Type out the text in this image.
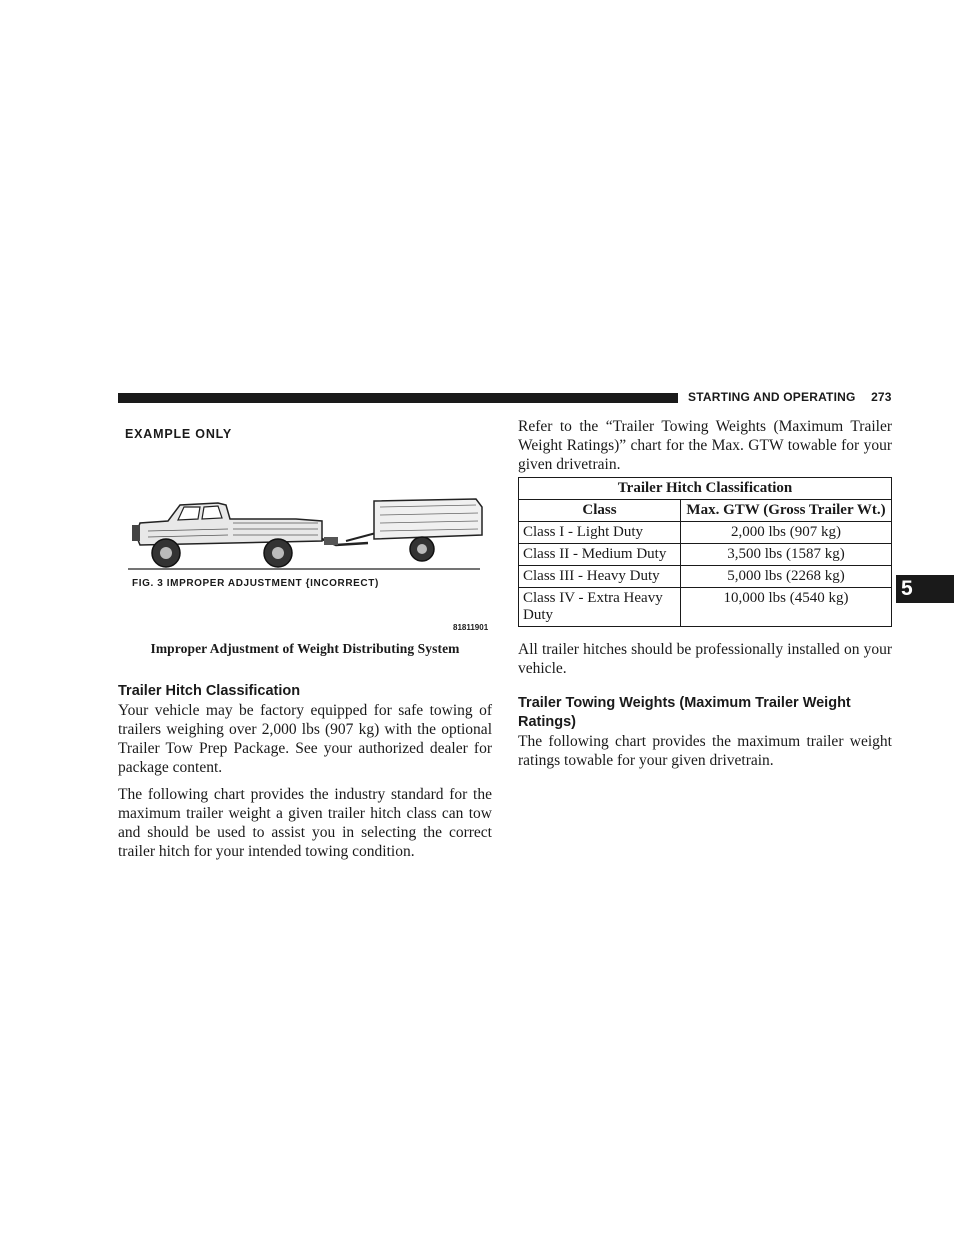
STARTING AND OPERATING 273
5
EXAMPLE ONLY
FIG. 3 IMPROPER ADJUSTMENT {INCORRECT)
81811901
Improper Adjustment of Weight Distributing System
Trailer Hitch Classification

Your vehicle may be factory equipped for safe towing of trailers weighing over 2,000 lbs (907 kg) with the optional Trailer Tow Prep Package. See your authorized dealer for package content.

The following chart provides the industry standard for the maximum trailer weight a given trailer hitch class can tow and should be used to assist you in selecting the correct trailer hitch for your intended towing condition.

Refer to the “Trailer Towing Weights (Maximum Trailer Weight Ratings)” chart for the Max. GTW towable for your given drivetrain.

Trailer Hitch Classification	
Class	Max. GTW (Gross Trailer Wt.)
Class I - Light Duty	2,000 lbs (907 kg)
Class II - Medium Duty	3,500 lbs (1587 kg)
Class III - Heavy Duty	5,000 lbs (2268 kg)
Class IV - Extra Heavy Duty	10,000 lbs (4540 kg)

All trailer hitches should be professionally installed on your vehicle.

Trailer Towing Weights (Maximum Trailer Weight Ratings)

The following chart provides the maximum trailer weight ratings towable for your given drivetrain.
